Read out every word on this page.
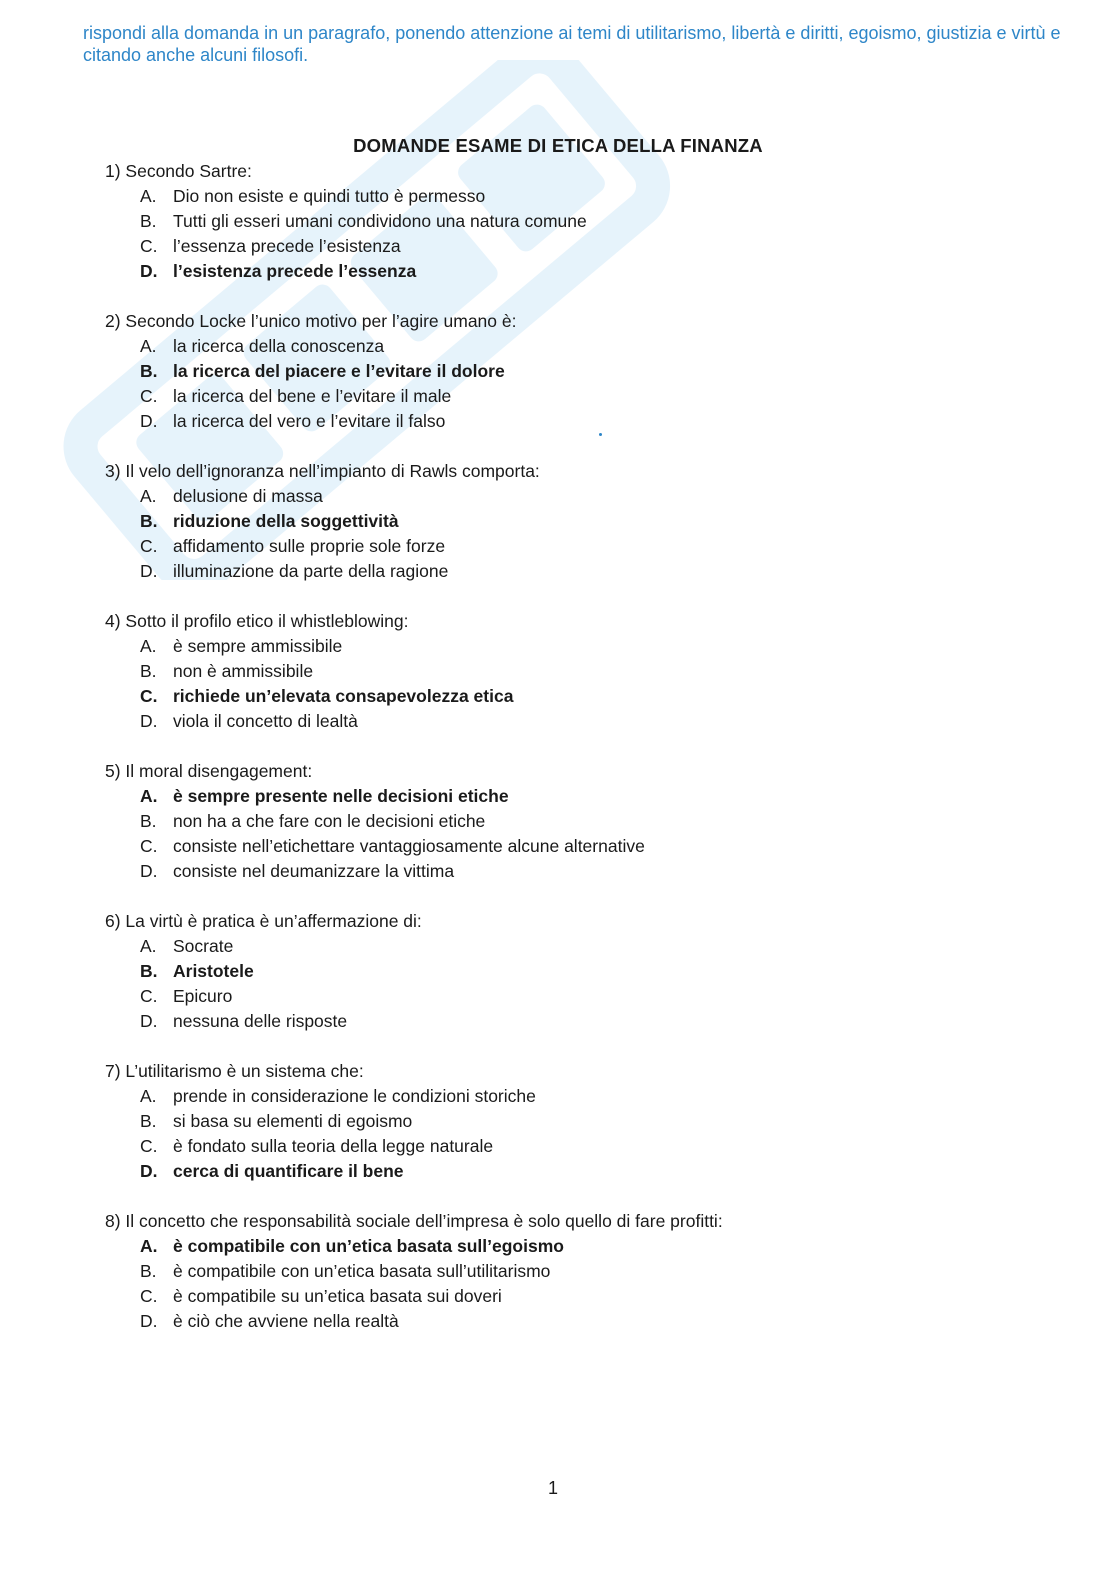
rispondi alla domanda in un paragrafo, ponendo attenzione ai temi di utilitarismo, libertà e diritti, egoismo, giustizia e virtù e citando anche alcuni filosofi.
DOMANDE ESAME DI ETICA DELLA FINANZA
1) Secondo Sartre:
A. Dio non esiste e quindi tutto è permesso
B. Tutti gli esseri umani condividono una natura comune
C. l’essenza precede l’esistenza
D. l’esistenza precede l’essenza
2) Secondo Locke l’unico motivo per l’agire umano è:
A. la ricerca della conoscenza
B. la ricerca del piacere e l’evitare il dolore
C. la ricerca del bene e l’evitare il male
D. la ricerca del vero e l’evitare il falso
3) Il velo dell’ignoranza nell’impianto di Rawls comporta:
A. delusione di massa
B. riduzione della soggettività
C. affidamento sulle proprie sole forze
D. illuminazione da parte della ragione
4) Sotto il profilo etico il whistleblowing:
A. è sempre ammissibile
B. non è ammissibile
C. richiede un’elevata consapevolezza etica
D. viola il concetto di lealtà
5) Il moral disengagement:
A. è sempre presente nelle decisioni etiche
B. non ha a che fare con le decisioni etiche
C. consiste nell’etichettare vantaggiosamente alcune alternative
D. consiste nel deumanizzare la vittima
6) La virtù è pratica è un’affermazione di:
A. Socrate
B. Aristotele
C. Epicuro
D. nessuna delle risposte
7) L’utilitarismo è un sistema che:
A. prende in considerazione le condizioni storiche
B. si basa su elementi di egoismo
C. è fondato sulla teoria della legge naturale
D. cerca di quantificare il bene
8) Il concetto che responsabilità sociale dell’impresa è solo quello di fare profitti:
A. è compatibile con un’etica basata sull’egoismo
B. è compatibile con un’etica basata sull’utilitarismo
C. è compatibile su un’etica basata sui doveri
D. è ciò che avviene nella realtà
1
